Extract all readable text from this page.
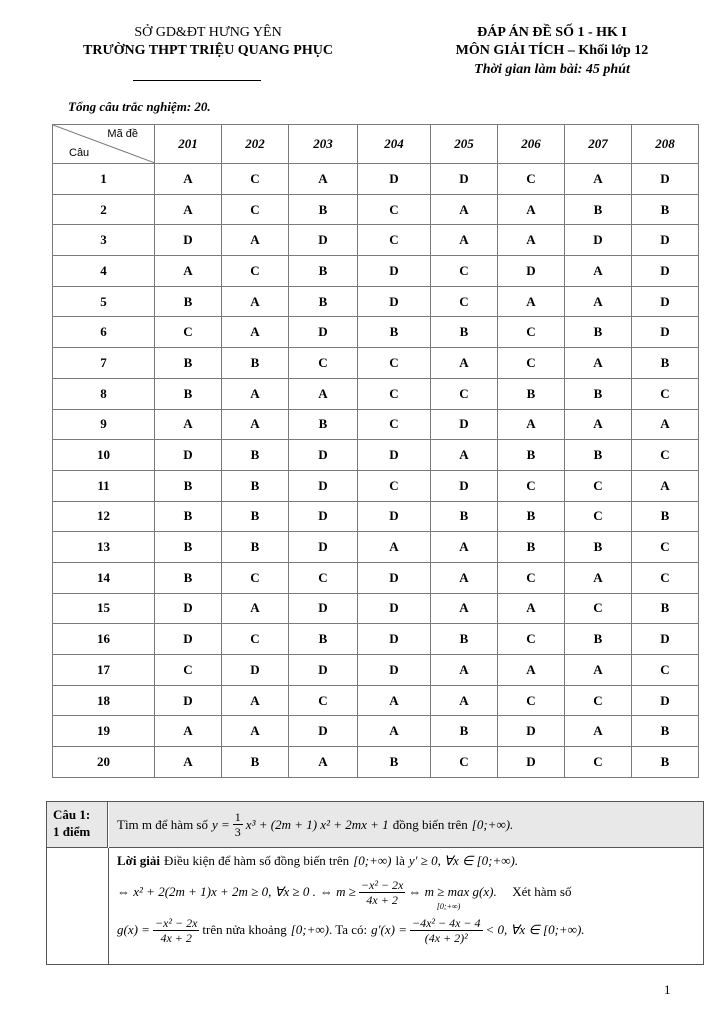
SỞ GD&ĐT HƯNG YÊN
TRƯỜNG THPT TRIỆU QUANG PHỤC
ĐÁP ÁN ĐỀ SỐ 1 - HK I
MÔN GIẢI TÍCH – Khối lớp 12
Thời gian làm bài: 45 phút
Tổng câu trắc nghiệm: 20.
Mã đề
Câu	201	202	203	204	205	206	207	208
1	A	C	A	D	D	C	A	D
2	A	C	B	C	A	A	B	B
3	D	A	D	C	A	A	D	D
4	A	C	B	D	C	D	A	D
5	B	A	B	D	C	A	A	D
6	C	A	D	B	B	C	B	D
7	B	B	C	C	A	C	A	B
8	B	A	A	C	C	B	B	C
9	A	A	B	C	D	A	A	A
10	D	B	D	D	A	B	B	C
11	B	B	D	C	D	C	C	A
12	B	B	D	D	B	B	C	B
13	B	B	D	A	A	B	B	C
14	B	C	C	D	A	C	A	C
15	D	A	D	D	A	A	C	B
16	D	C	B	D	B	C	B	D
17	C	D	D	D	A	A	A	C
18	D	A	C	A	A	C	C	D
19	A	A	D	A	B	D	A	B
20	A	B	A	B	C	D	C	B
Câu 1:
1 điểm	Tìm m để hàm số $y = \frac{1}{3} x^3 + (2m + 1) x^2 + 2mx + 1$ đồng biến trên [0;+∞).
Lời giải Điều kiện để hàm số đồng biến trên [0;+∞) là y′ ≥ 0, ∀x ∈ [0;+∞).
⇔ x² + 2(2m + 1)x + 2m ≥ 0, ∀x ≥ 0 . ⇔ $m \ge \frac{\text{−x² − 2x}}{4x + 2}$ ⇔ m ≥ max g(x).
[0;+∞)
Xét hàm số
$g(x) = \frac{\text{−x² − 2x}}{4x + 2}$ trên nửa khoảng [0;+∞) . Ta có: $g'(x) = \frac{\text{−4x² − 4x − 4}}{\text{(4x + 2)²}} < 0$, ∀x ∈ [0;+∞).
1
